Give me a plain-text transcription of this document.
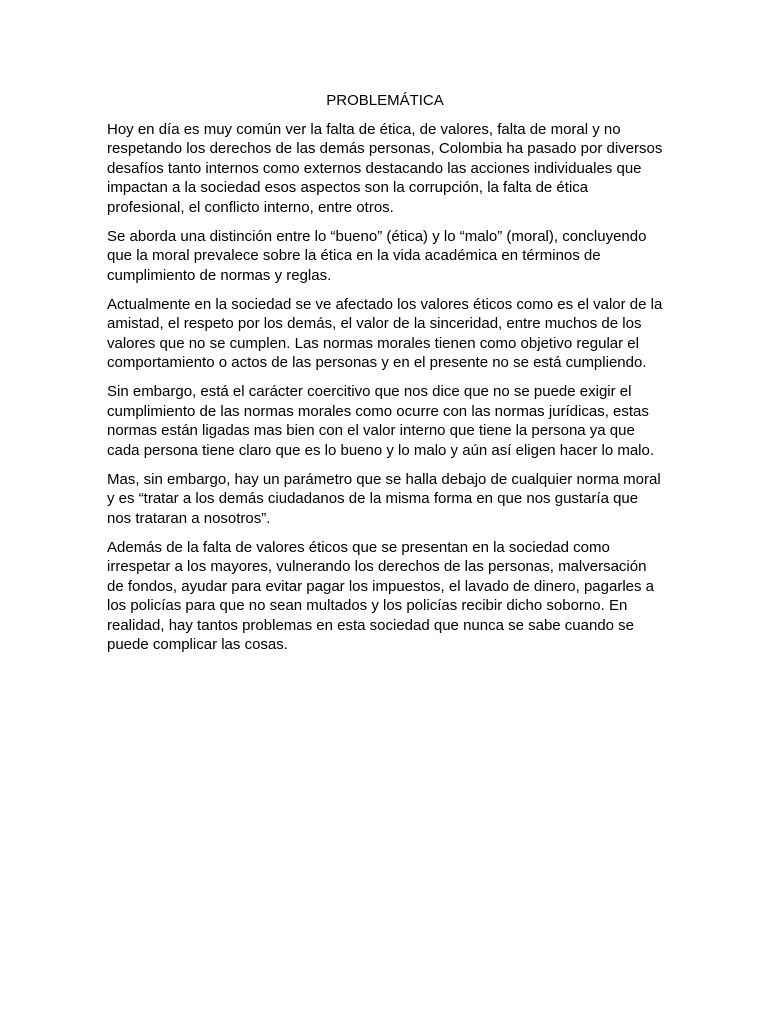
PROBLEMÁTICA

Hoy en día es muy común ver la falta de ética, de valores, falta de moral y no respetando los derechos de las demás personas, Colombia ha pasado por diversos desafíos tanto internos como externos destacando las acciones individuales que impactan a la sociedad esos aspectos son la corrupción, la falta de ética profesional, el conflicto interno, entre otros.

Se aborda una distinción entre lo “bueno” (ética) y lo “malo” (moral), concluyendo que la moral prevalece sobre la ética en la vida académica en términos de cumplimiento de normas y reglas.

Actualmente en la sociedad se ve afectado los valores éticos como es el valor de la amistad, el respeto por los demás, el valor de la sinceridad, entre muchos de los valores que no se cumplen. Las normas morales tienen como objetivo regular el comportamiento o actos de las personas y en el presente no se está cumpliendo.

Sin embargo, está el carácter coercitivo que nos dice que no se puede exigir el cumplimiento de las normas morales como ocurre con las normas jurídicas, estas normas están ligadas mas bien con el valor interno que tiene la persona ya que cada persona tiene claro que es lo bueno y lo malo y aún así eligen hacer lo malo.

Mas, sin embargo, hay un parámetro que se halla debajo de cualquier norma moral y es “tratar a los demás ciudadanos de la misma forma en que nos gustaría que nos trataran a nosotros”.

Además de la falta de valores éticos que se presentan en la sociedad como irrespetar a los mayores, vulnerando los derechos de las personas, malversación de fondos, ayudar para evitar pagar los impuestos, el lavado de dinero, pagarles a los policías para que no sean multados y los policías recibir dicho soborno. En realidad, hay tantos problemas en esta sociedad que nunca se sabe cuando se puede complicar las cosas.
